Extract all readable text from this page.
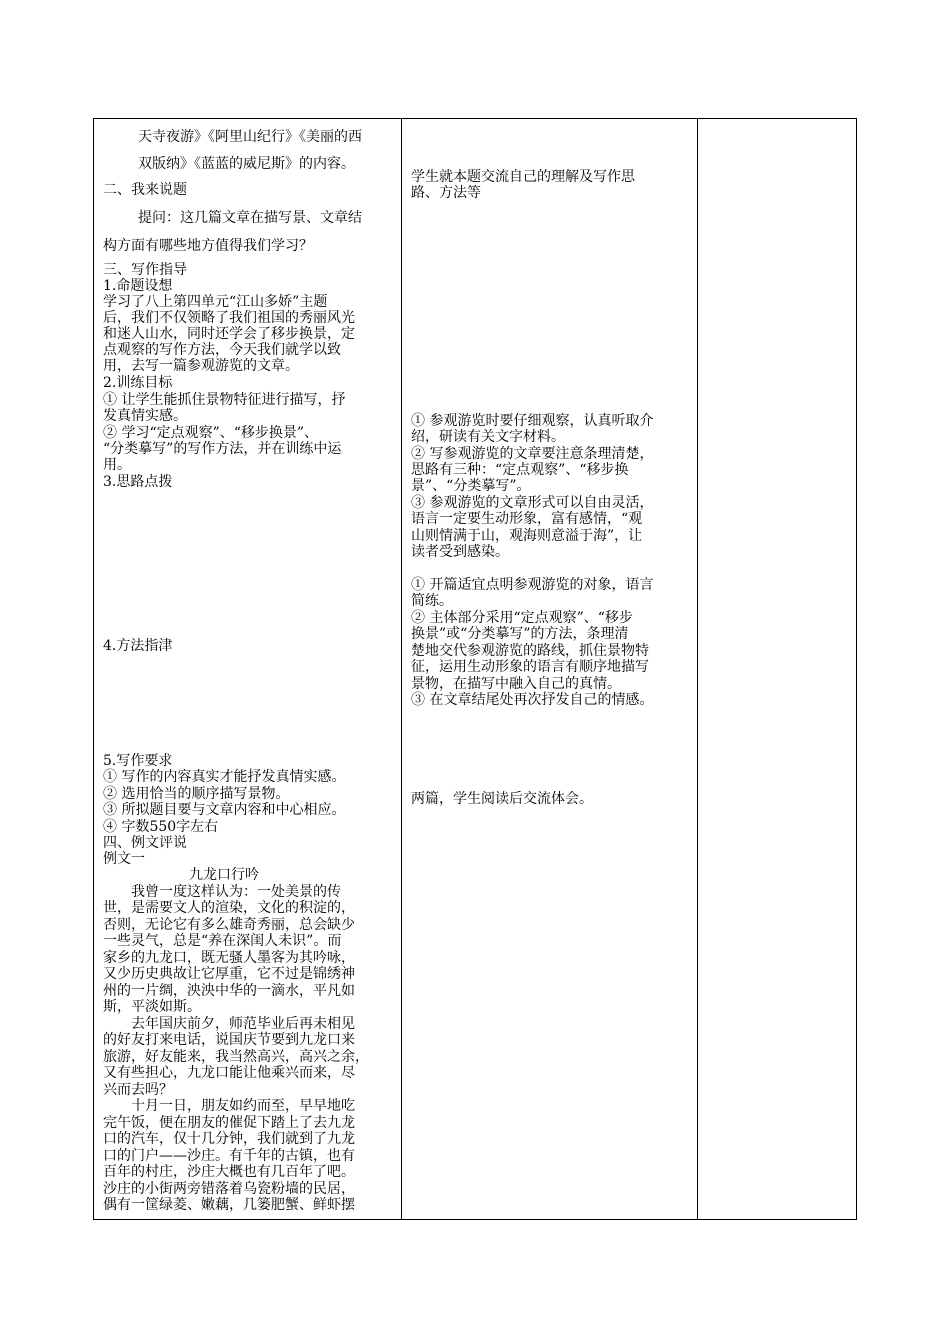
天寺夜游》《阿里山纪行》《美丽的西

双版纳》《蓝蓝的威尼斯》的内容。

二、我来说题

提问：这几篇文章在描写景、文章结

构方面有哪些地方值得我们学习？

三、写作指导

1.命题设想

学习了八上第四单元“江山多娇”主题

后，我们不仅领略了我们祖国的秀丽风光

和迷人山水，同时还学会了移步换景，定

点观察的写作方法，今天我们就学以致

用，去写一篇参观游览的文章。

2.训练目标

① 让学生能抓住景物特征进行描写，抒

发真情实感。

② 学习“定点观察”、“移步换景”、

“分类摹写”的写作方法，并在训练中运

用。

3.思路点拨

4.方法指津

5.写作要求

① 写作的内容真实才能抒发真情实感。

② 选用恰当的顺序描写景物。

③ 所拟题目要与文章内容和中心相应。

④ 字数550字左右

四、例文评说

例文一

九龙口行吟

我曾一度这样认为：一处美景的传

世，是需要文人的渲染，文化的积淀的，

否则，无论它有多么雄奇秀丽，总会缺少

一些灵气，总是“养在深闺人未识”。而

家乡的九龙口，既无骚人墨客为其吟咏，

又少历史典故让它厚重，它不过是锦绣神

州的一片绸，泱泱中华的一滴水，平凡如

斯，平淡如斯。

去年国庆前夕，师范毕业后再未相见

的好友打来电话，说国庆节要到九龙口来

旅游，好友能来，我当然高兴，高兴之余，

又有些担心，九龙口能让他乘兴而来，尽

兴而去吗？

十月一日，朋友如约而至，早早地吃

完午饭，便在朋友的催促下踏上了去九龙

口的汽车，仅十几分钟，我们就到了九龙

口的门户——沙庄。有千年的古镇，也有

百年的村庄，沙庄大概也有几百年了吧。

沙庄的小街两旁错落着乌瓷粉墙的民居，

偶有一筐绿菱、嫩藕，几篓肥蟹、鲜虾摆

学生就本题交流自己的理解及写作思

路、方法等

① 参观游览时要仔细观察，认真听取介

绍，研读有关文字材料。

② 写参观游览的文章要注意条理清楚，

思路有三种：“定点观察”、“移步换

景”、“分类摹写”。

③ 参观游览的文章形式可以自由灵活，

语言一定要生动形象，富有感情，“观

山则情满于山，观海则意溢于海”，让

读者受到感染。

① 开篇适宜点明参观游览的对象，语言

简练。

② 主体部分采用“定点观察”、“移步

换景”或“分类摹写”的方法，条理清

楚地交代参观游览的路线，抓住景物特

征，运用生动形象的语言有顺序地描写

景物，在描写中融入自己的真情。

③ 在文章结尾处再次抒发自己的情感。

两篇，学生阅读后交流体会。
